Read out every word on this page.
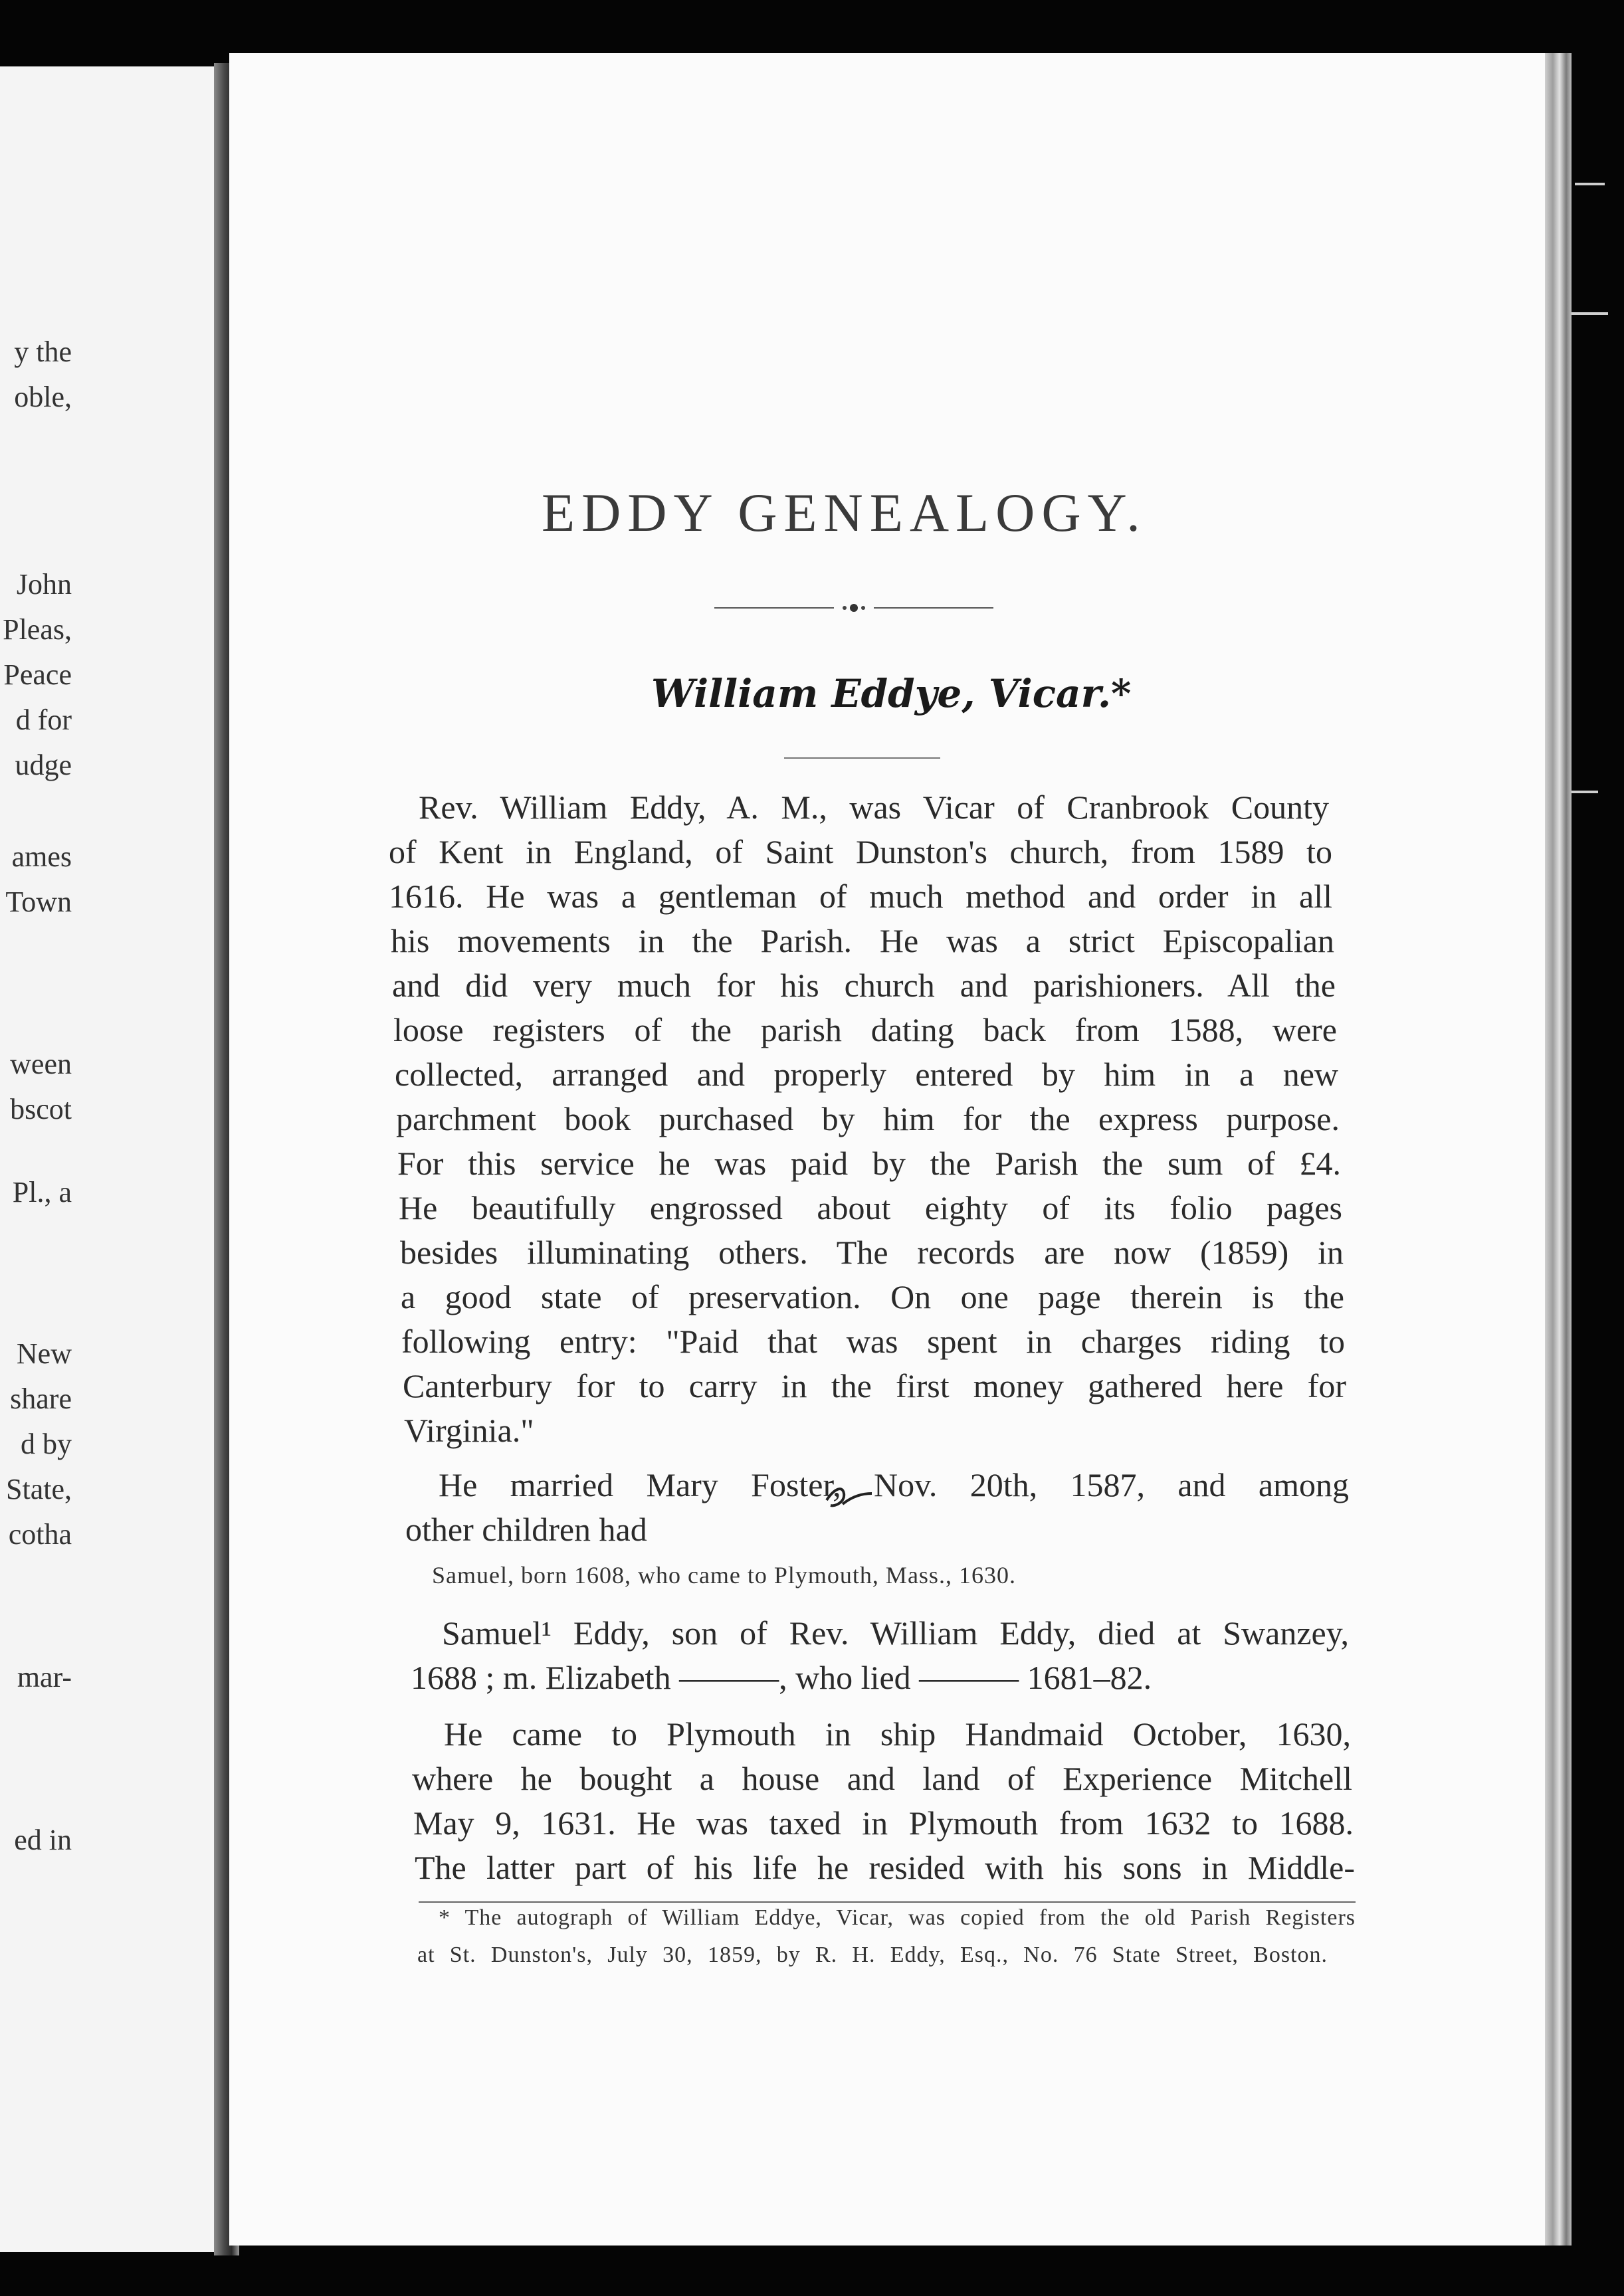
y the
oble,
John
Pleas,
Peace
d for
udge
ames
Town
ween
bscot
Pl., a
New
share
d by
State,
cotha
mar-
ed in
EDDY GENEALOGY.
William Eddye, Vicar.*
Rev. William Eddy, A. M., was Vicar of Cranbrook County
of Kent in England, of Saint Dunston's church, from 1589 to
1616. He was a gentleman of much method and order in all
his movements in the Parish. He was a strict Episcopalian
and did very much for his church and parishioners. All the
loose registers of the parish dating back from 1588, were
collected, arranged and properly entered by him in a new
parchment book purchased by him for the express purpose.
For this service he was paid by the Parish the sum of £4.
He beautifully engrossed about eighty of its folio pages
besides illuminating others. The records are now (1859) in
a good state of preservation. On one page therein is the
following entry: "Paid that was spent in charges riding to
Canterbury for to carry in the first money gathered here for
Virginia."
He married Mary Foster, Nov. 20th, 1587, and among
other children had
Samuel, born 1608, who came to Plymouth, Mass., 1630.
Samuel¹ Eddy, son of Rev. William Eddy, died at Swanzey,
1688 ; m. Elizabeth ———, who lied ——— 1681–82.
He came to Plymouth in ship Handmaid October, 1630,
where he bought a house and land of Experience Mitchell
May 9, 1631. He was taxed in Plymouth from 1632 to 1688.
The latter part of his life he resided with his sons in Middle-
* The autograph of William Eddye, Vicar, was copied from the old Parish Registers
at St. Dunston's, July 30, 1859, by R. H. Eddy, Esq., No. 76 State Street, Boston.
